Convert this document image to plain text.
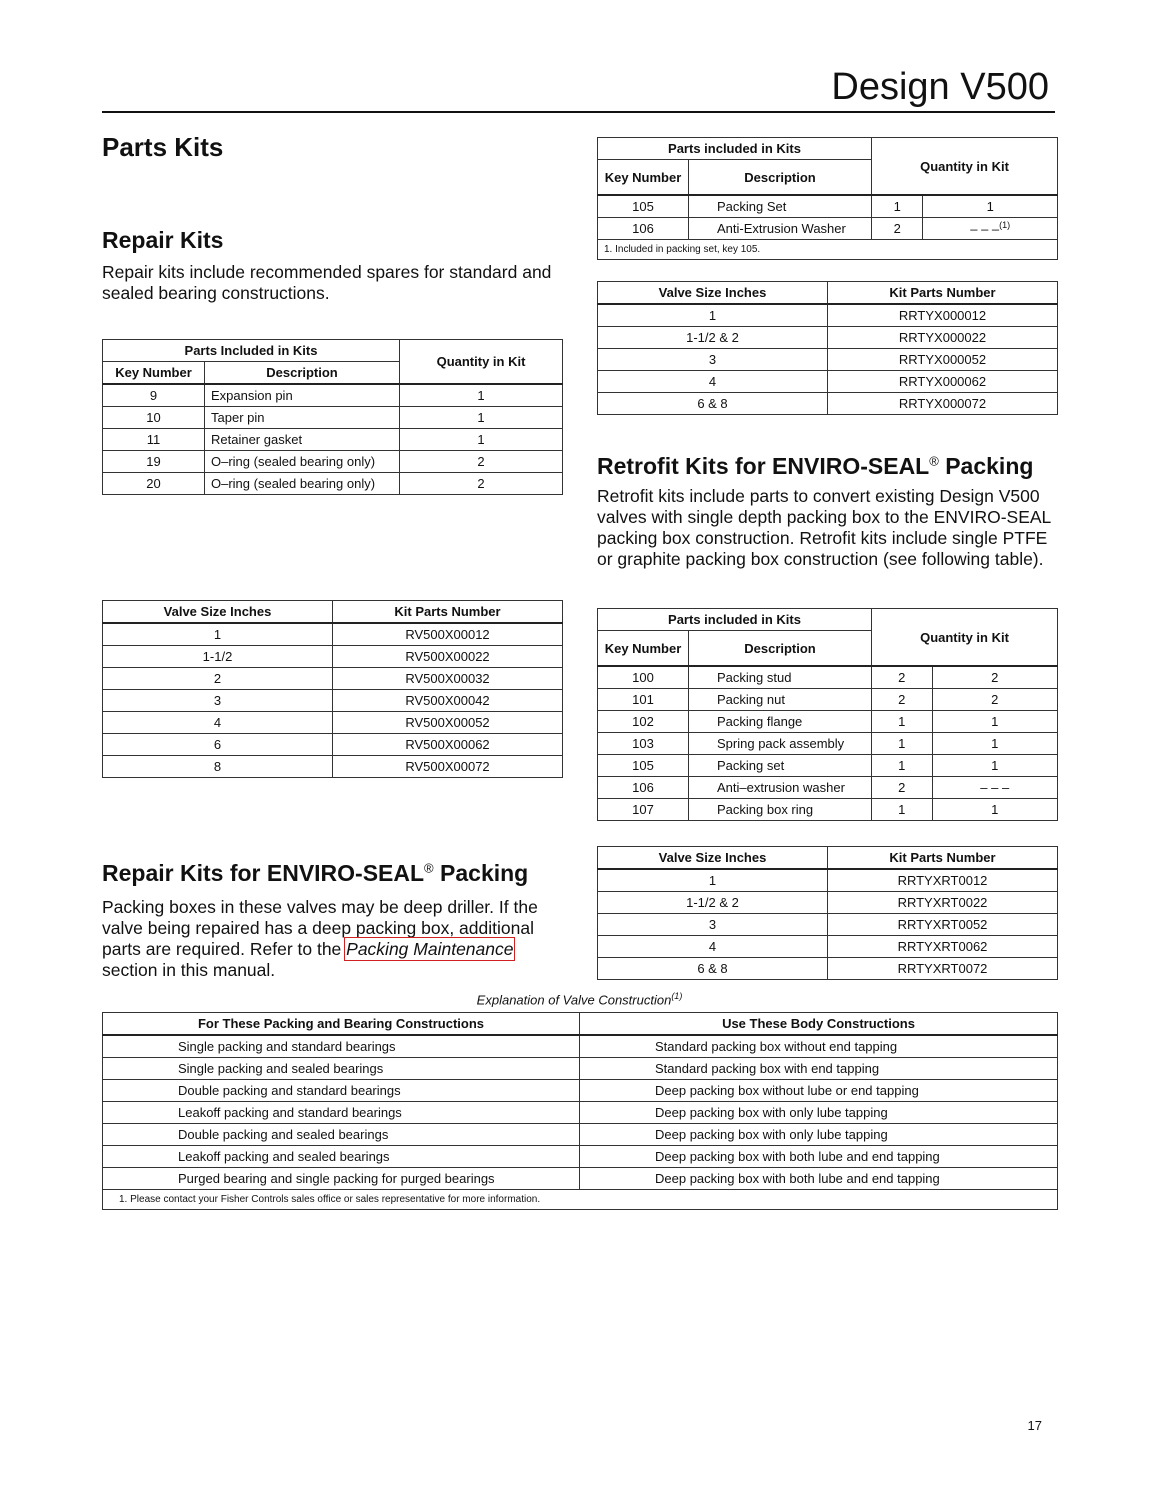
Design V500
Parts Kits
Repair Kits

Repair kits include recommended spares for standard and sealed bearing constructions.

Parts Included in Kits		Quantity in Kit
Key Number	Description	
9	Expansion pin	1
10	Taper pin	1
11	Retainer gasket	1
19	O–ring (sealed bearing only)	2
20	O–ring (sealed bearing only)	2
Valve Size Inches	Kit Parts Number
1	RV500X00012
1-1/2	RV500X00022
2	RV500X00032
3	RV500X00042
4	RV500X00052
6	RV500X00062
8	RV500X00072
Repair Kits for ENVIRO-SEAL® Packing

Packing boxes in these valves may be deep driller. If the valve being repaired has a deep packing box, additional parts are required. Refer to the Packing Maintenance section in this manual.

Parts included in Kits		Quantity in Kit	
Key Number	Description		
105	Packing Set	1	1
106	Anti-Extrusion Washer	2	– – –$^{(1)}$
1. Included in packing set, key 105.			
Valve Size Inches	Kit Parts Number
1	RRTYX000012
1-1/2 & 2	RRTYX000022
3	RRTYX000052
4	RRTYX000062
6 & 8	RRTYX000072
Retrofit Kits for ENVIRO-SEAL® Packing

Retrofit kits include parts to convert existing Design V500 valves with single depth packing box to the ENVIRO-SEAL packing box construction. Retrofit kits include single PTFE or graphite packing box construction (see following table).

Parts included in Kits		Quantity in Kit	
Key Number	Description		
100	Packing stud	2	2
101	Packing nut	2	2
102	Packing flange	1	1
103	Spring pack assembly	1	1
105	Packing set	1	1
106	Anti–extrusion washer	2	– – –
107	Packing box ring	1	1
Valve Size Inches	Kit Parts Number
1	RRTYXRT0012
1-1/2 & 2	RRTYXRT0022
3	RRTYXRT0052
4	RRTYXRT0062
6 & 8	RRTYXRT0072
Explanation of Valve Construction$^{(1)}$
For These Packing and Bearing Constructions	Use These Body Constructions
Single packing and standard bearings	Standard packing box without end tapping
Single packing and sealed bearings	Standard packing box with end tapping
Double packing and standard bearings	Deep packing box without lube or end tapping
Leakoff packing and standard bearings	Deep packing box with only lube tapping
Double packing and sealed bearings	Deep packing box with only lube tapping
Leakoff packing and sealed bearings	Deep packing box with both lube and end tapping
Purged bearing and single packing for purged bearings	Deep packing box with both lube and end tapping
1. Please contact your Fisher Controls sales office or sales representative for more information.	
17
